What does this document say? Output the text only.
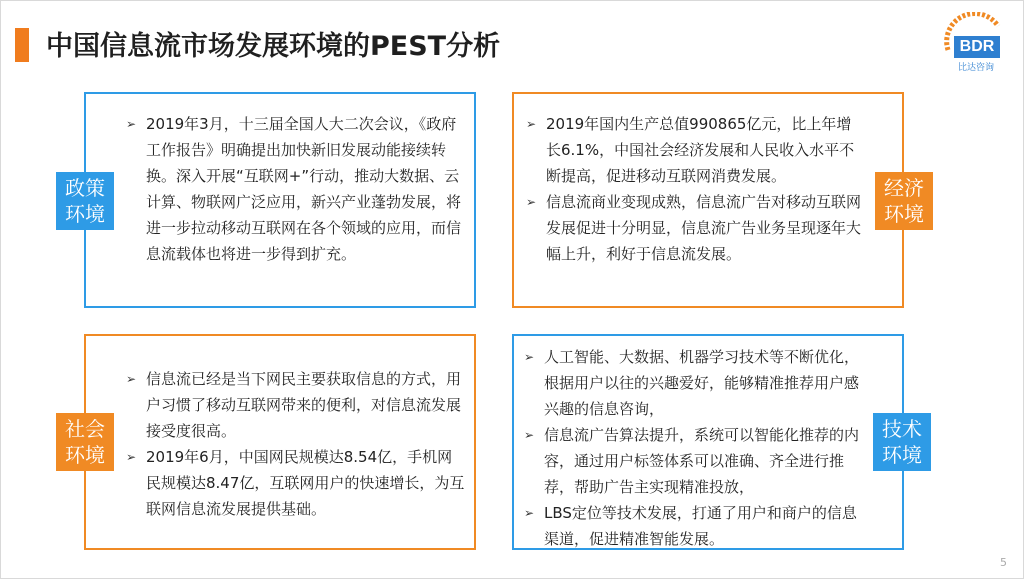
中国信息流市场发展环境的PEST分析	BDR
比达咨询
政策
环境
➢ 2019年3月，十三届全国人大二次会议，《政府工作报告》明确提出加快新旧发展动能接续转换。深入开展“互联网+”行动，推动大数据、云计算、物联网广泛应用，新兴产业蓬勃发展，将进一步拉动移动互联网在各个领域的应用，而信息流载体也将进一步得到扩充。
经济
环境
➢ 2019年国内生产总值990865亿元，比上年增长6.1%，中国社会经济发展和人民收入水平不断提高，促进移动互联网消费发展。
➢ 信息流商业变现成熟，信息流广告对移动互联网发展促进十分明显，信息流广告业务呈现逐年大幅上升，利好于信息流发展。
社会
环境
➢ 信息流已经是当下网民主要获取信息的方式，用户习惯了移动互联网带来的便利，对信息流发展接受度很高。
➢ 2019年6月，中国网民规模达8.54亿，手机网民规模达8.47亿，互联网用户的快速增长，为互联网信息流发展提供基础。
技术
环境
➢ 人工智能、大数据、机器学习技术等不断优化，根据用户以往的兴趣爱好，能够精准推荐用户感兴趣的信息咨询，
➢ 信息流广告算法提升，系统可以智能化推荐的内容，通过用户标签体系可以准确、齐全进行推荐，帮助广告主实现精准投放，
➢ LBS定位等技术发展，打通了用户和商户的信息渠道，促进精准智能发展。
5
